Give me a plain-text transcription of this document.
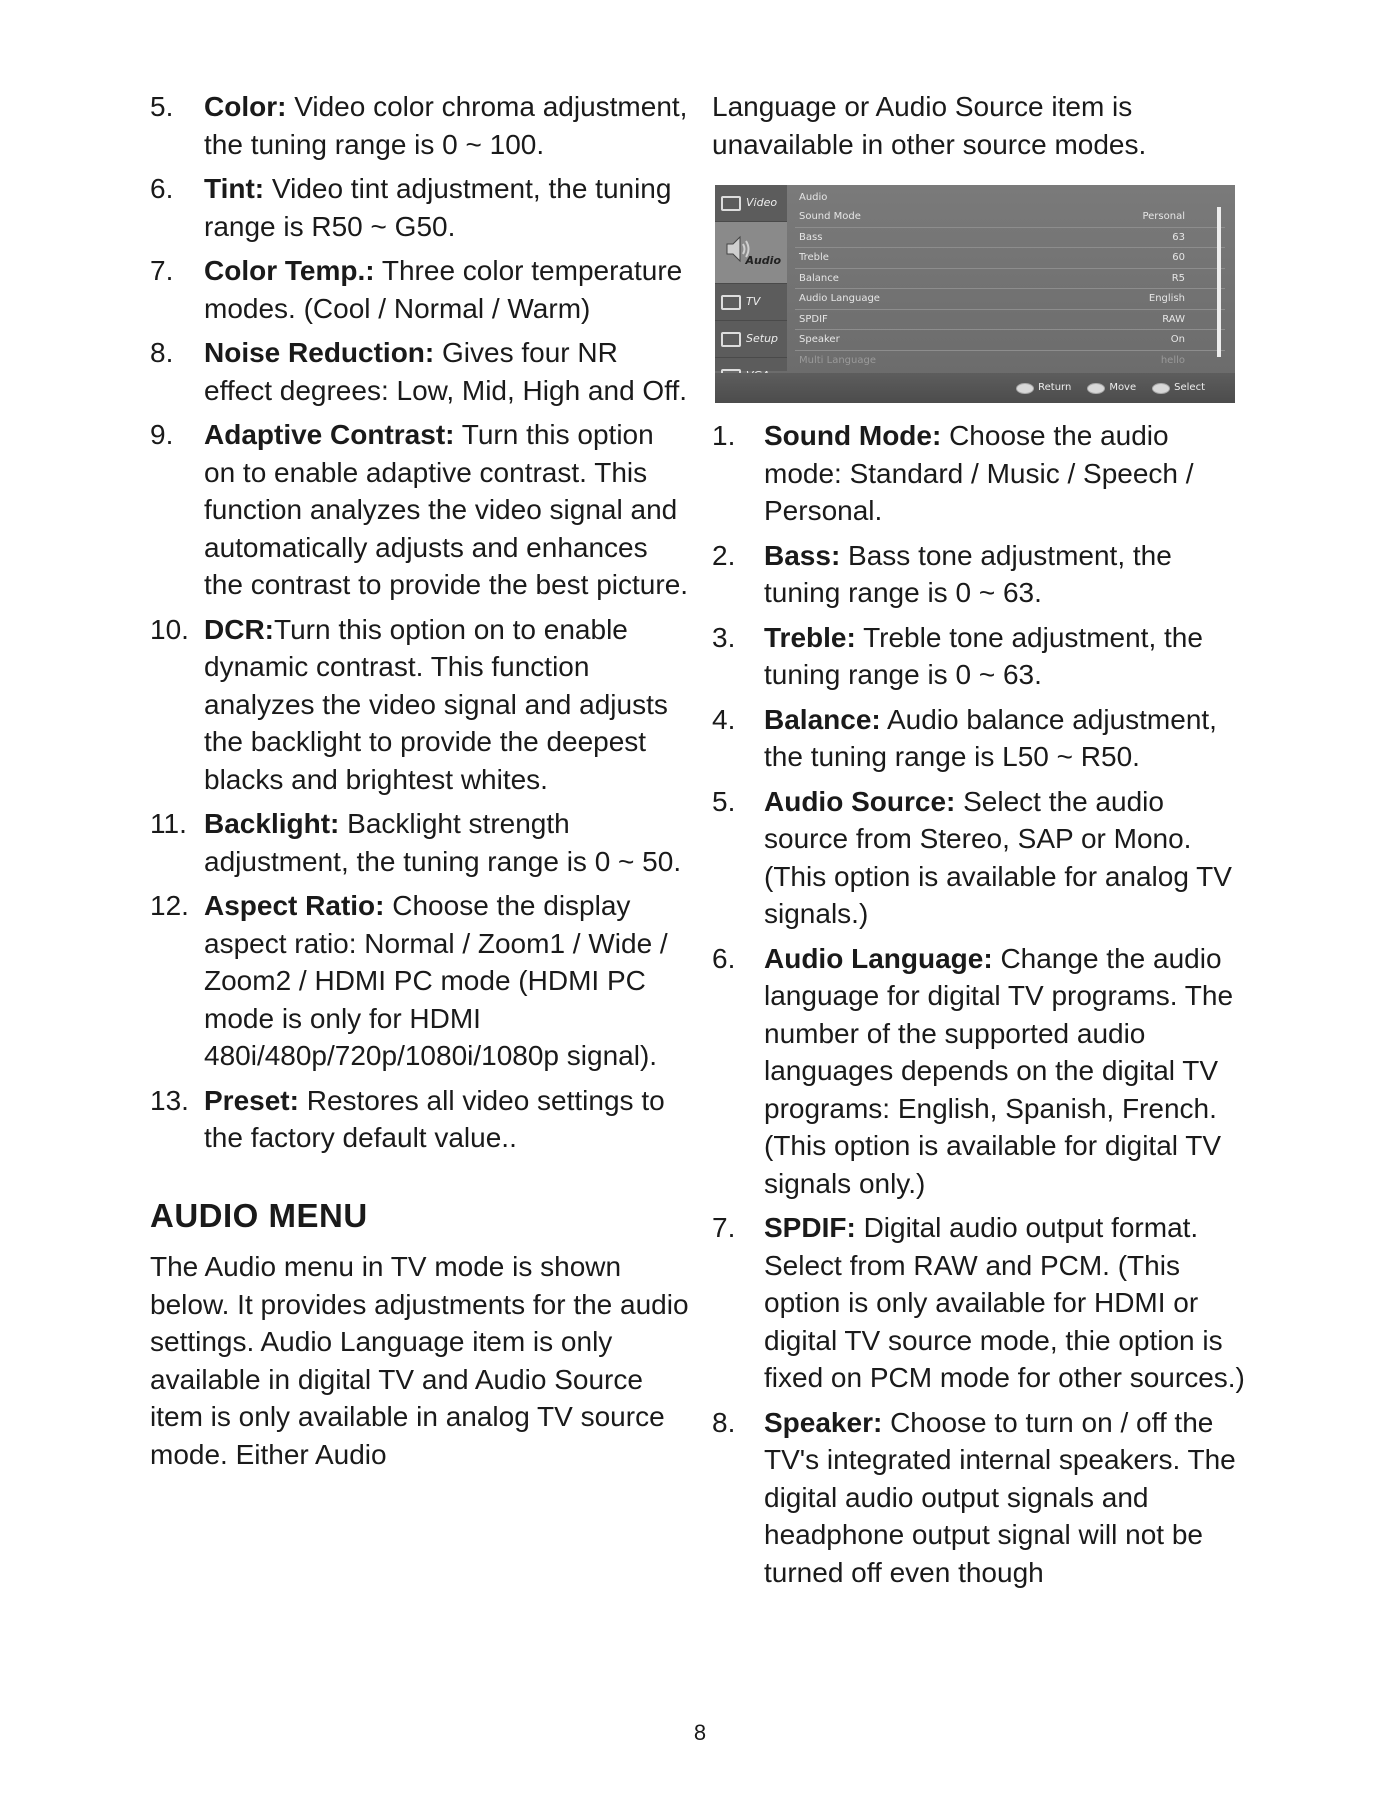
5. Color: Video color chroma adjustment, the tuning range is 0 ~ 100.
6. Tint: Video tint adjustment, the tuning range is R50 ~ G50.
7. Color Temp.: Three color temperature modes. (Cool / Normal / Warm)
8. Noise Reduction: Gives four NR effect degrees: Low, Mid, High and Off.
9. Adaptive Contrast: Turn this option on to enable adaptive contrast. This function analyzes the video signal and automatically adjusts and enhances the contrast to provide the best picture.
10. DCR:Turn this option on to enable dynamic contrast. This function analyzes the video signal and adjusts the backlight to provide the deepest blacks and brightest whites.
11. Backlight: Backlight strength adjustment, the tuning range is 0 ~ 50.
12. Aspect Ratio: Choose the display aspect ratio: Normal / Zoom1 / Wide / Zoom2 / HDMI PC mode (HDMI PC mode is only for HDMI 480i/480p/720p/1080i/1080p signal).
13. Preset: Restores all video settings to the factory default value..
AUDIO MENU

The Audio menu in TV mode is shown below. It provides adjustments for the audio settings. Audio Language item is only available in digital TV and Audio Source item is only available in analog TV source mode. Either Audio

Language or Audio Source item is unavailable in other source modes.

Video
Audio
TV
Setup
Audio
Sound Mode	Personal
Bass	63
Treble	60
Balance	R5
Audio Language	English
SPDIF	RAW
Speaker	On
Multi Language	hello
Return	Move	Select
1. Sound Mode: Choose the audio mode: Standard / Music / Speech / Personal.
2. Bass: Bass tone adjustment, the tuning range is 0 ~ 63.
3. Treble: Treble tone adjustment, the tuning range is 0 ~ 63.
4. Balance: Audio balance adjustment, the tuning range is L50 ~ R50.
5. Audio Source: Select the audio source from Stereo, SAP or Mono. (This option is available for analog TV signals.)
6. Audio Language: Change the audio language for digital TV programs. The number of the supported audio languages depends on the digital TV programs: English, Spanish, French. (This option is available for digital TV signals only.)
7. SPDIF: Digital audio output format. Select from RAW and PCM. (This option is only available for HDMI or digital TV source mode, thie option is fixed on PCM mode for other sources.)
8. Speaker: Choose to turn on / off the TV's integrated internal speakers. The digital audio output signals and headphone output signal will not be turned off even though
8
